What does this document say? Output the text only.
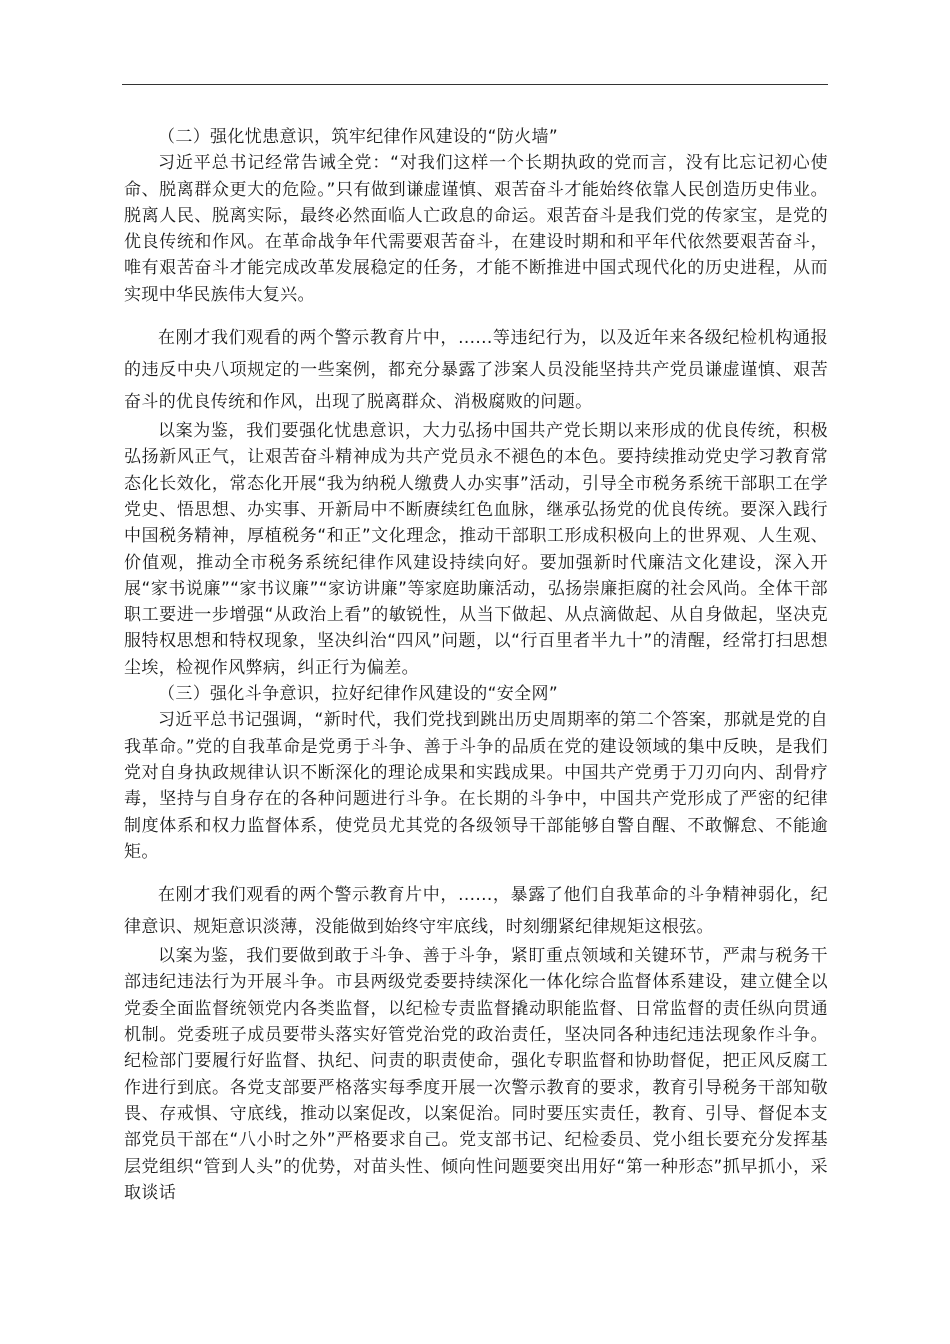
（二）强化忧患意识，筑牢纪律作风建设的“防火墙”

习近平总书记经常告诫全党：“对我们这样一个长期执政的党而言，没有比忘记初心使命、脱离群众更大的危险。”只有做到谦虚谨慎、艰苦奋斗才能始终依靠人民创造历史伟业。脱离人民、脱离实际，最终必然面临人亡政息的命运。艰苦奋斗是我们党的传家宝，是党的优良传统和作风。在革命战争年代需要艰苦奋斗，在建设时期和和平年代依然要艰苦奋斗，唯有艰苦奋斗才能完成改革发展稳定的任务，才能不断推进中国式现代化的历史进程，从而实现中华民族伟大复兴。

在刚才我们观看的两个警示教育片中，......等违纪行为，以及近年来各级纪检机构通报的违反中央八项规定的一些案例，都充分暴露了涉案人员没能坚持共产党员谦虚谨慎、艰苦奋斗的优良传统和作风，出现了脱离群众、消极腐败的问题。

以案为鉴，我们要强化忧患意识，大力弘扬中国共产党长期以来形成的优良传统，积极弘扬新风正气，让艰苦奋斗精神成为共产党员永不褪色的本色。要持续推动党史学习教育常态化长效化，常态化开展“我为纳税人缴费人办实事”活动，引导全市税务系统干部职工在学党史、悟思想、办实事、开新局中不断赓续红色血脉，继承弘扬党的优良传统。要深入践行中国税务精神，厚植税务“和正”文化理念，推动干部职工形成积极向上的世界观、人生观、价值观，推动全市税务系统纪律作风建设持续向好。要加强新时代廉洁文化建设，深入开展“家书说廉”“家书议廉”“家访讲廉”等家庭助廉活动，弘扬崇廉拒腐的社会风尚。全体干部职工要进一步增强“从政治上看”的敏锐性，从当下做起、从点滴做起、从自身做起，坚决克服特权思想和特权现象，坚决纠治“四风”问题，以“行百里者半九十”的清醒，经常打扫思想尘埃，检视作风弊病，纠正行为偏差。

（三）强化斗争意识，拉好纪律作风建设的“安全网”

习近平总书记强调，“新时代，我们党找到跳出历史周期率的第二个答案，那就是党的自我革命。”党的自我革命是党勇于斗争、善于斗争的品质在党的建设领域的集中反映，是我们党对自身执政规律认识不断深化的理论成果和实践成果。中国共产党勇于刀刃向内、刮骨疗毒，坚持与自身存在的各种问题进行斗争。在长期的斗争中，中国共产党形成了严密的纪律制度体系和权力监督体系，使党员尤其党的各级领导干部能够自警自醒、不敢懈怠、不能逾矩。

在刚才我们观看的两个警示教育片中，......，暴露了他们自我革命的斗争精神弱化，纪律意识、规矩意识淡薄，没能做到始终守牢底线，时刻绷紧纪律规矩这根弦。

以案为鉴，我们要做到敢于斗争、善于斗争，紧盯重点领域和关键环节，严肃与税务干部违纪违法行为开展斗争。市县两级党委要持续深化一体化综合监督体系建设，建立健全以党委全面监督统领党内各类监督，以纪检专责监督撬动职能监督、日常监督的责任纵向贯通机制。党委班子成员要带头落实好管党治党的政治责任，坚决同各种违纪违法现象作斗争。纪检部门要履行好监督、执纪、问责的职责使命，强化专职监督和协助督促，把正风反腐工作进行到底。各党支部要严格落实每季度开展一次警示教育的要求，教育引导税务干部知敬畏、存戒惧、守底线，推动以案促改，以案促治。同时要压实责任，教育、引导、督促本支部党员干部在“八小时之外”严格要求自己。党支部书记、纪检委员、党小组长要充分发挥基层党组织“管到人头”的优势，对苗头性、倾向性问题要突出用好“第一种形态”抓早抓小，采取谈话
